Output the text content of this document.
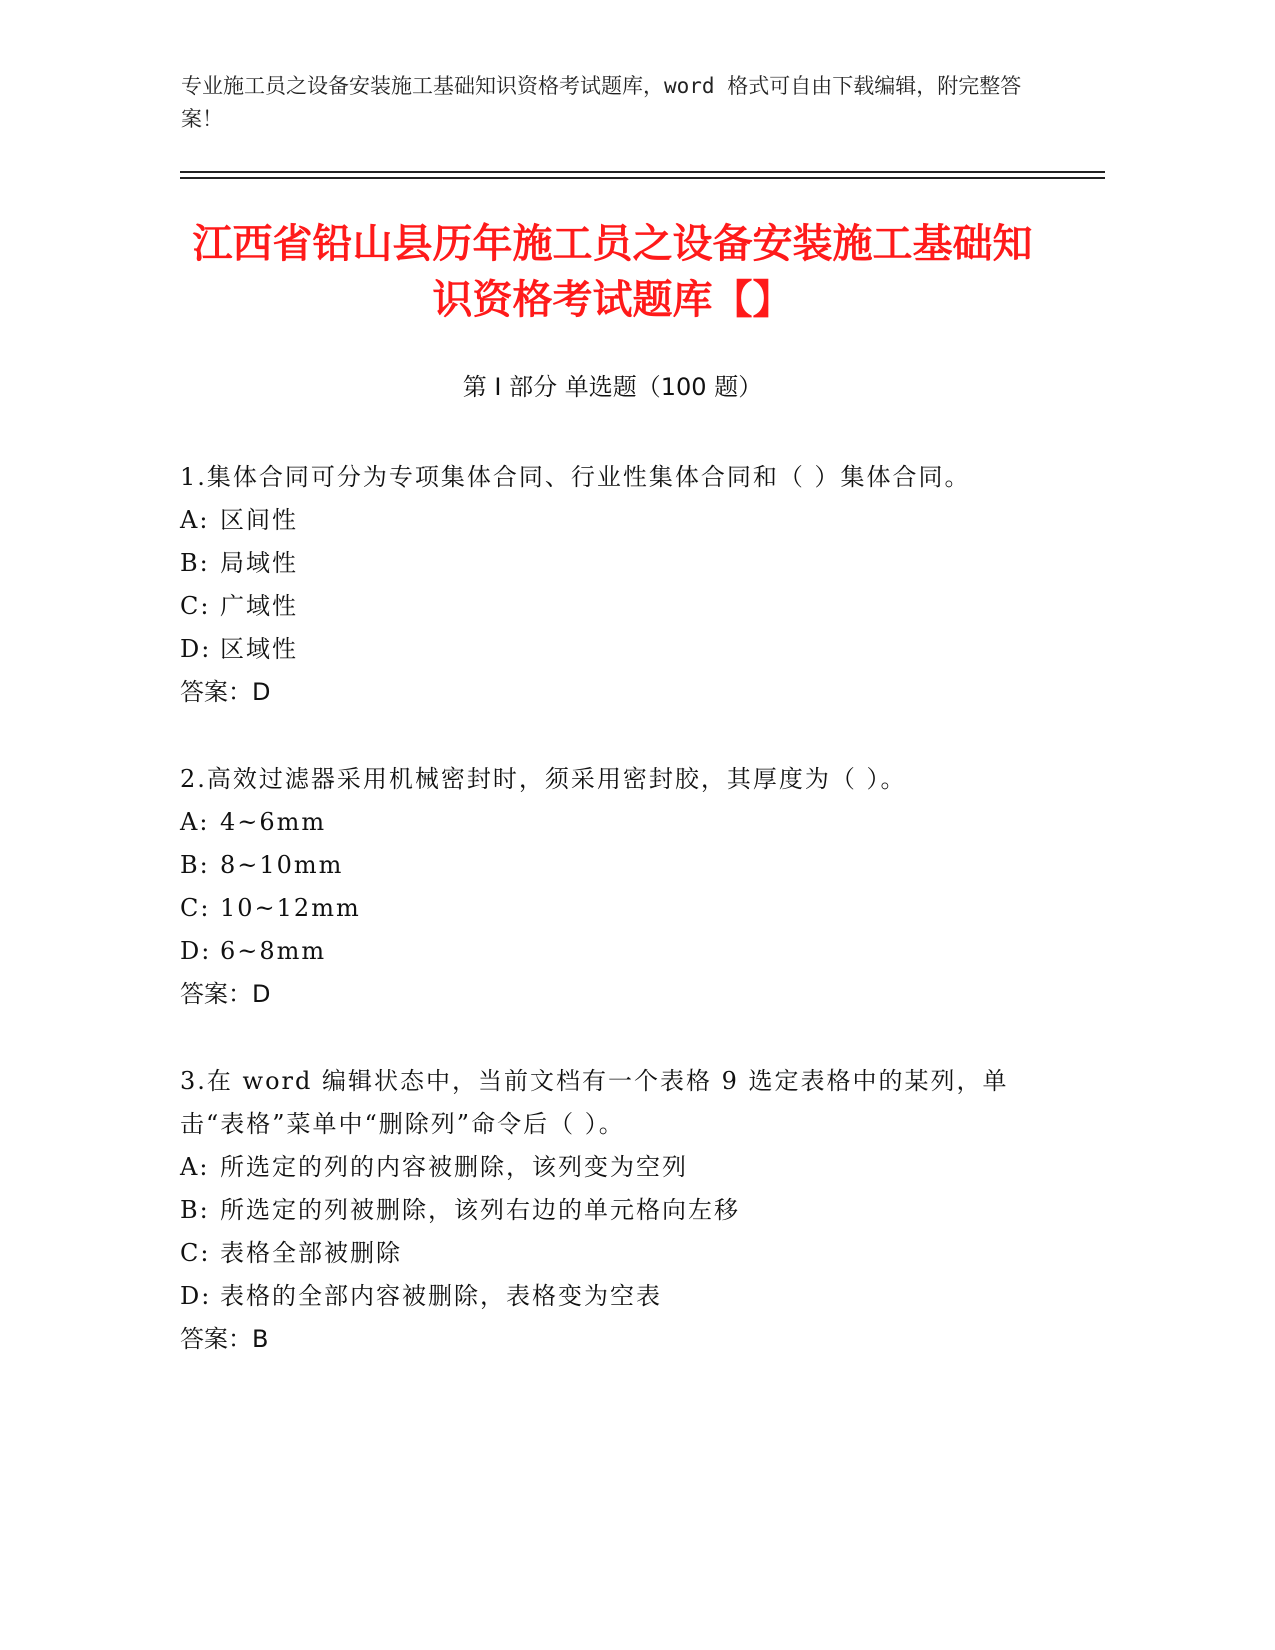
专业施工员之设备安装施工基础知识资格考试题库，word 格式可自由下载编辑，附完整答案！
江西省铅山县历年施工员之设备安装施工基础知识资格考试题库【】
第 I 部分 单选题（100 题）
1.集体合同可分为专项集体合同、行业性集体合同和（ ）集体合同。
A: 区间性
B: 局域性
C: 广域性
D: 区域性
答案：D
2.高效过滤器采用机械密封时，须采用密封胶，其厚度为（ ）。
A: 4~6mm
B: 8~10mm
C: 10~12mm
D: 6~8mm
答案：D
3.在 word 编辑状态中，当前文档有一个表格 9 选定表格中的某列，单击“表格”菜单中“删除列”命令后（ ）。
A: 所选定的列的内容被删除，该列变为空列
B: 所选定的列被删除，该列右边的单元格向左移
C: 表格全部被删除
D: 表格的全部内容被删除，表格变为空表
答案：B
